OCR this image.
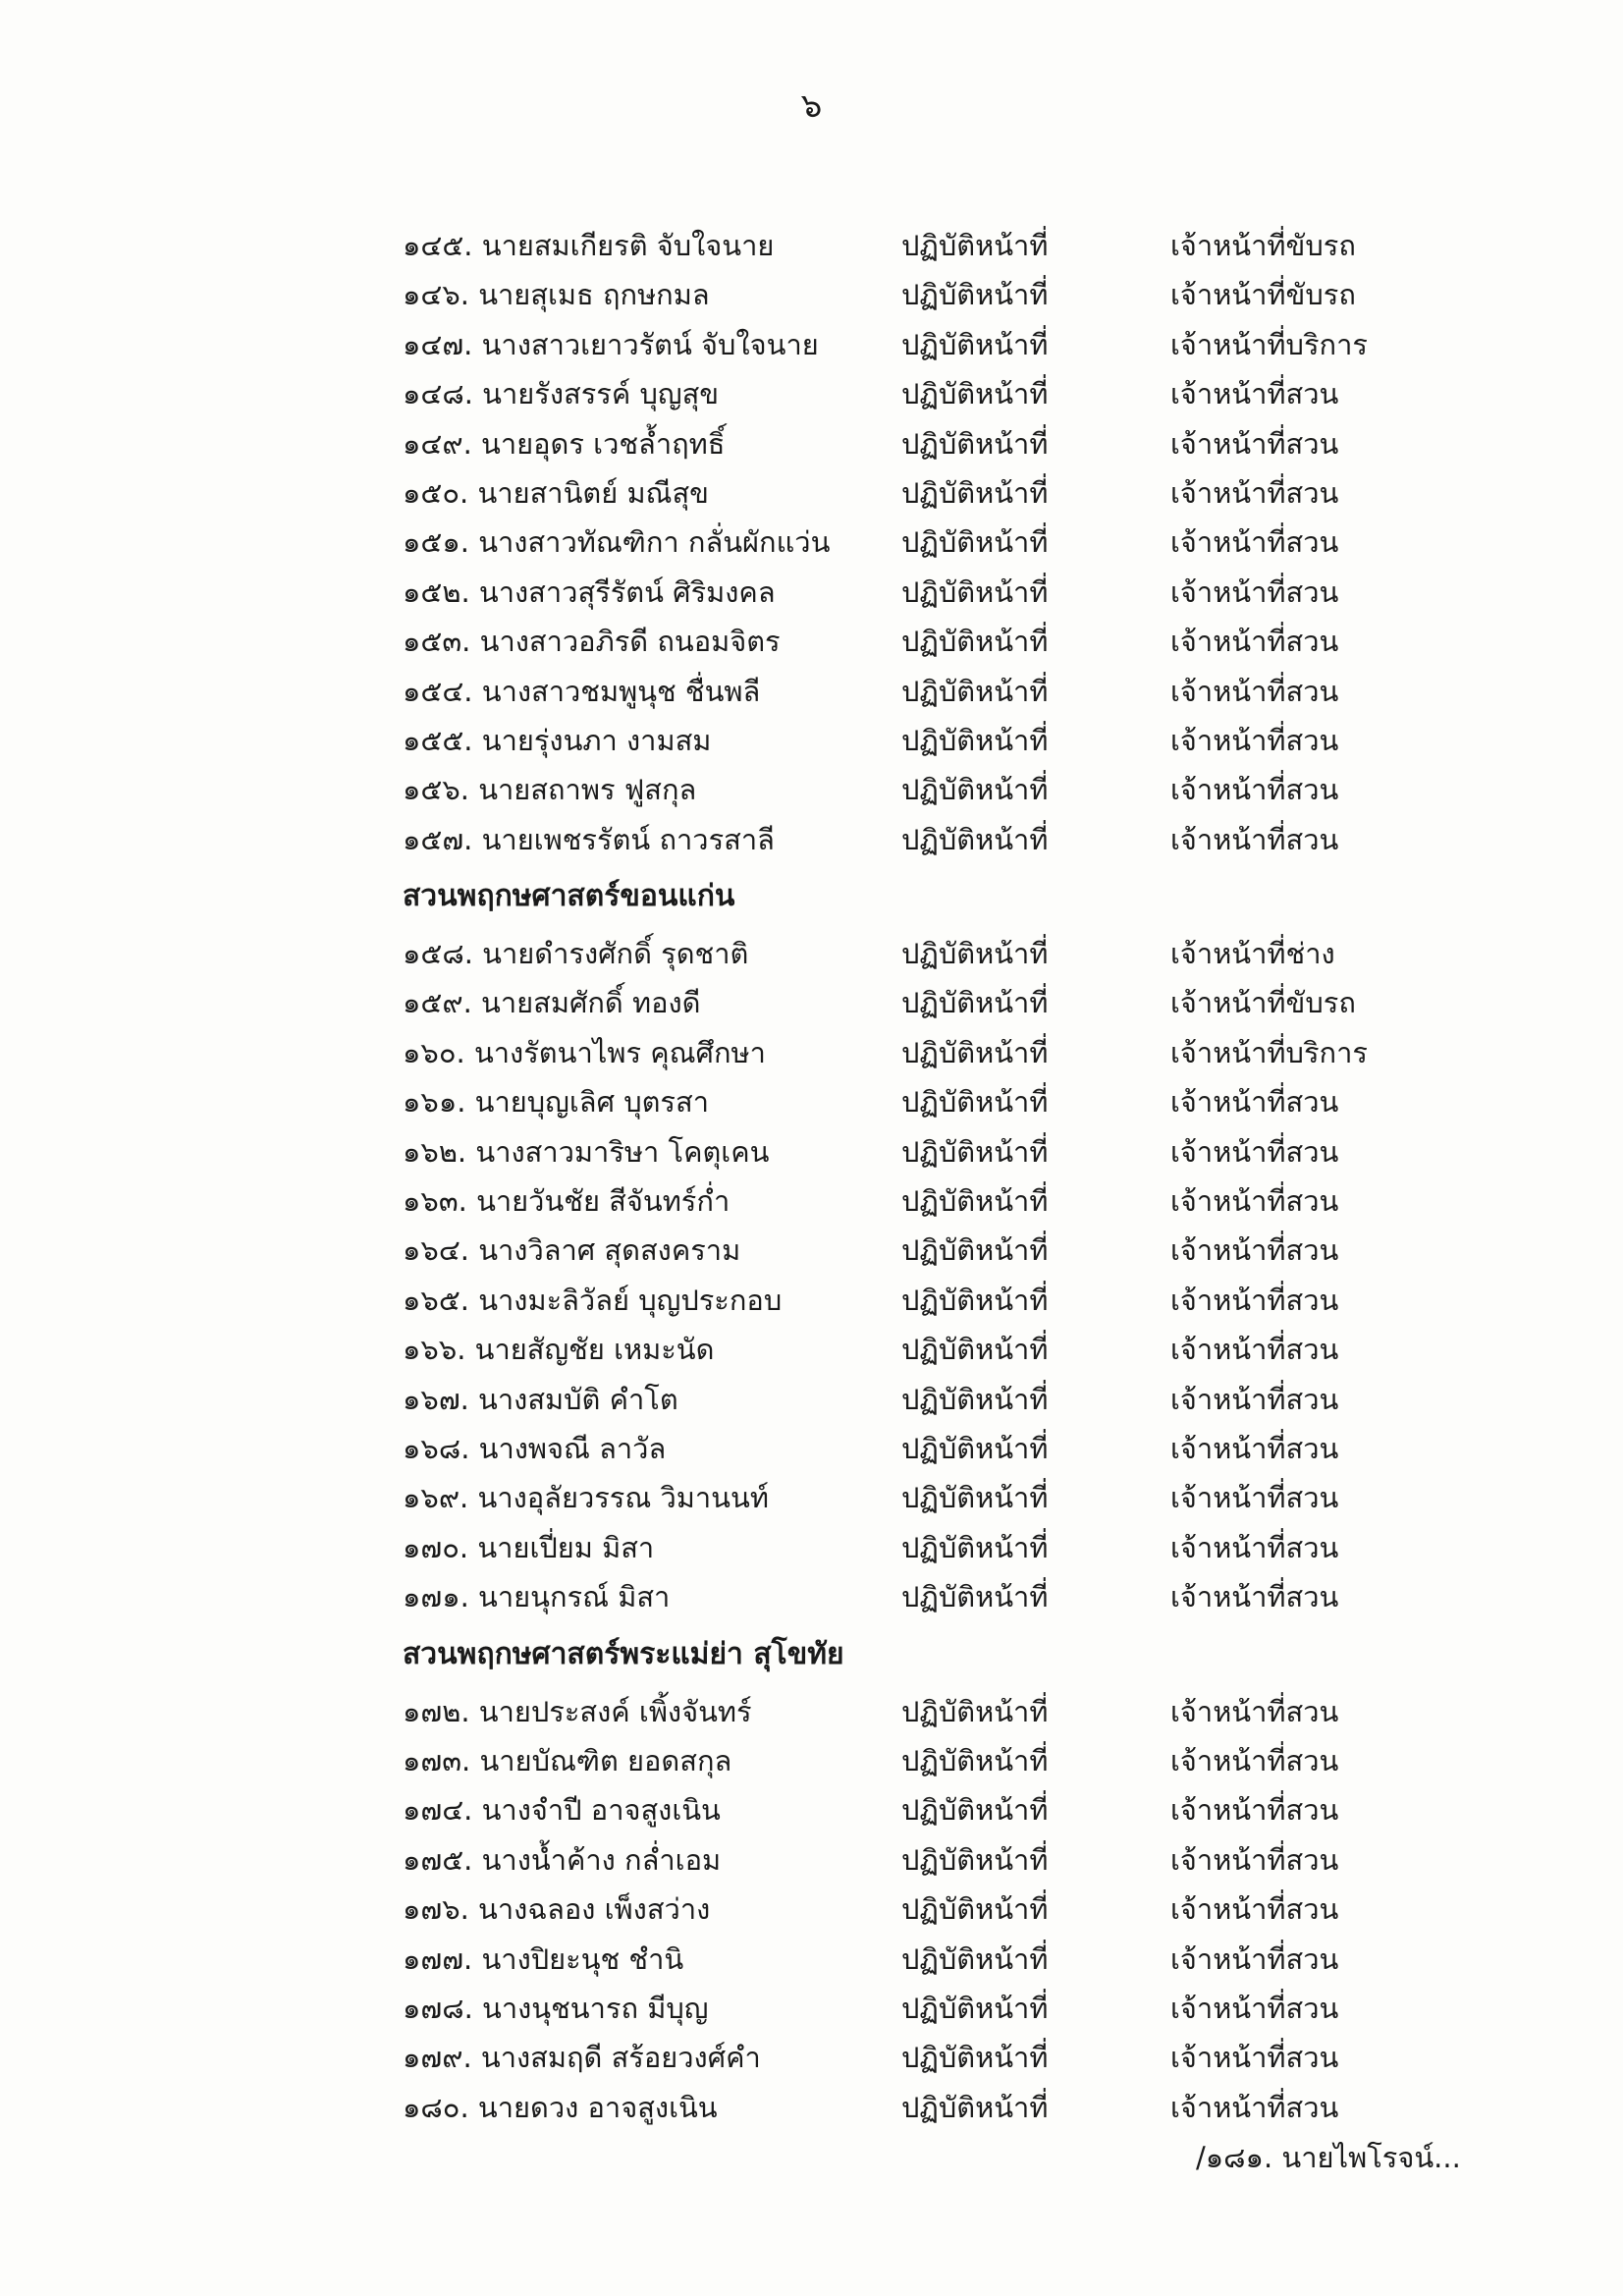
๖
๑๔๕. นายสมเกียรติ จับใจนาย	ปฏิบัติหน้าที่	เจ้าหน้าที่ขับรถ
๑๔๖. นายสุเมธ ฤกษกมล	ปฏิบัติหน้าที่	เจ้าหน้าที่ขับรถ
๑๔๗. นางสาวเยาวรัตน์ จับใจนาย	ปฏิบัติหน้าที่	เจ้าหน้าที่บริการ
๑๔๘. นายรังสรรค์ บุญสุข	ปฏิบัติหน้าที่	เจ้าหน้าที่สวน
๑๔๙. นายอุดร เวชล้ำฤทธิ์	ปฏิบัติหน้าที่	เจ้าหน้าที่สวน
๑๕๐. นายสานิตย์ มณีสุข	ปฏิบัติหน้าที่	เจ้าหน้าที่สวน
๑๕๑. นางสาวทัณฑิกา กลั่นผักแว่น	ปฏิบัติหน้าที่	เจ้าหน้าที่สวน
๑๕๒. นางสาวสุรีรัตน์ ศิริมงคล	ปฏิบัติหน้าที่	เจ้าหน้าที่สวน
๑๕๓. นางสาวอภิรดี ถนอมจิตร	ปฏิบัติหน้าที่	เจ้าหน้าที่สวน
๑๕๔. นางสาวชมพูนุช ชื่นพลี	ปฏิบัติหน้าที่	เจ้าหน้าที่สวน
๑๕๕. นายรุ่งนภา งามสม	ปฏิบัติหน้าที่	เจ้าหน้าที่สวน
๑๕๖. นายสถาพร ฟูสกุล	ปฏิบัติหน้าที่	เจ้าหน้าที่สวน
๑๕๗. นายเพชรรัตน์ ถาวรสาลี	ปฏิบัติหน้าที่	เจ้าหน้าที่สวน
สวนพฤกษศาสตร์ขอนแก่น
๑๕๘. นายดำรงศักดิ์ รุดชาติ	ปฏิบัติหน้าที่	เจ้าหน้าที่ช่าง
๑๕๙. นายสมศักดิ์ ทองดี	ปฏิบัติหน้าที่	เจ้าหน้าที่ขับรถ
๑๖๐. นางรัตนาไพร คุณศึกษา	ปฏิบัติหน้าที่	เจ้าหน้าที่บริการ
๑๖๑. นายบุญเลิศ บุตรสา	ปฏิบัติหน้าที่	เจ้าหน้าที่สวน
๑๖๒. นางสาวมาริษา โคตุเคน	ปฏิบัติหน้าที่	เจ้าหน้าที่สวน
๑๖๓. นายวันชัย สีจันทร์ก่ำ	ปฏิบัติหน้าที่	เจ้าหน้าที่สวน
๑๖๔. นางวิลาศ สุดสงคราม	ปฏิบัติหน้าที่	เจ้าหน้าที่สวน
๑๖๕. นางมะลิวัลย์ บุญประกอบ	ปฏิบัติหน้าที่	เจ้าหน้าที่สวน
๑๖๖. นายสัญชัย เหมะนัด	ปฏิบัติหน้าที่	เจ้าหน้าที่สวน
๑๖๗. นางสมบัติ คำโต	ปฏิบัติหน้าที่	เจ้าหน้าที่สวน
๑๖๘. นางพจณี ลาวัล	ปฏิบัติหน้าที่	เจ้าหน้าที่สวน
๑๖๙. นางอุลัยวรรณ วิมานนท์	ปฏิบัติหน้าที่	เจ้าหน้าที่สวน
๑๗๐. นายเปี่ยม มิสา	ปฏิบัติหน้าที่	เจ้าหน้าที่สวน
๑๗๑. นายนุกรณ์ มิสา	ปฏิบัติหน้าที่	เจ้าหน้าที่สวน
สวนพฤกษศาสตร์พระแม่ย่า สุโขทัย
๑๗๒. นายประสงค์ เพิ้งจันทร์	ปฏิบัติหน้าที่	เจ้าหน้าที่สวน
๑๗๓. นายบัณฑิต ยอดสกุล	ปฏิบัติหน้าที่	เจ้าหน้าที่สวน
๑๗๔. นางจำปี อาจสูงเนิน	ปฏิบัติหน้าที่	เจ้าหน้าที่สวน
๑๗๕. นางน้ำค้าง กล่ำเอม	ปฏิบัติหน้าที่	เจ้าหน้าที่สวน
๑๗๖. นางฉลอง เพ็งสว่าง	ปฏิบัติหน้าที่	เจ้าหน้าที่สวน
๑๗๗. นางปิยะนุช ชำนิ	ปฏิบัติหน้าที่	เจ้าหน้าที่สวน
๑๗๘. นางนุชนารถ มีบุญ	ปฏิบัติหน้าที่	เจ้าหน้าที่สวน
๑๗๙. นางสมฤดี สร้อยวงศ์คำ	ปฏิบัติหน้าที่	เจ้าหน้าที่สวน
๑๘๐. นายดวง อาจสูงเนิน	ปฏิบัติหน้าที่	เจ้าหน้าที่สวน
/๑๘๑. นายไพโรจน์...
